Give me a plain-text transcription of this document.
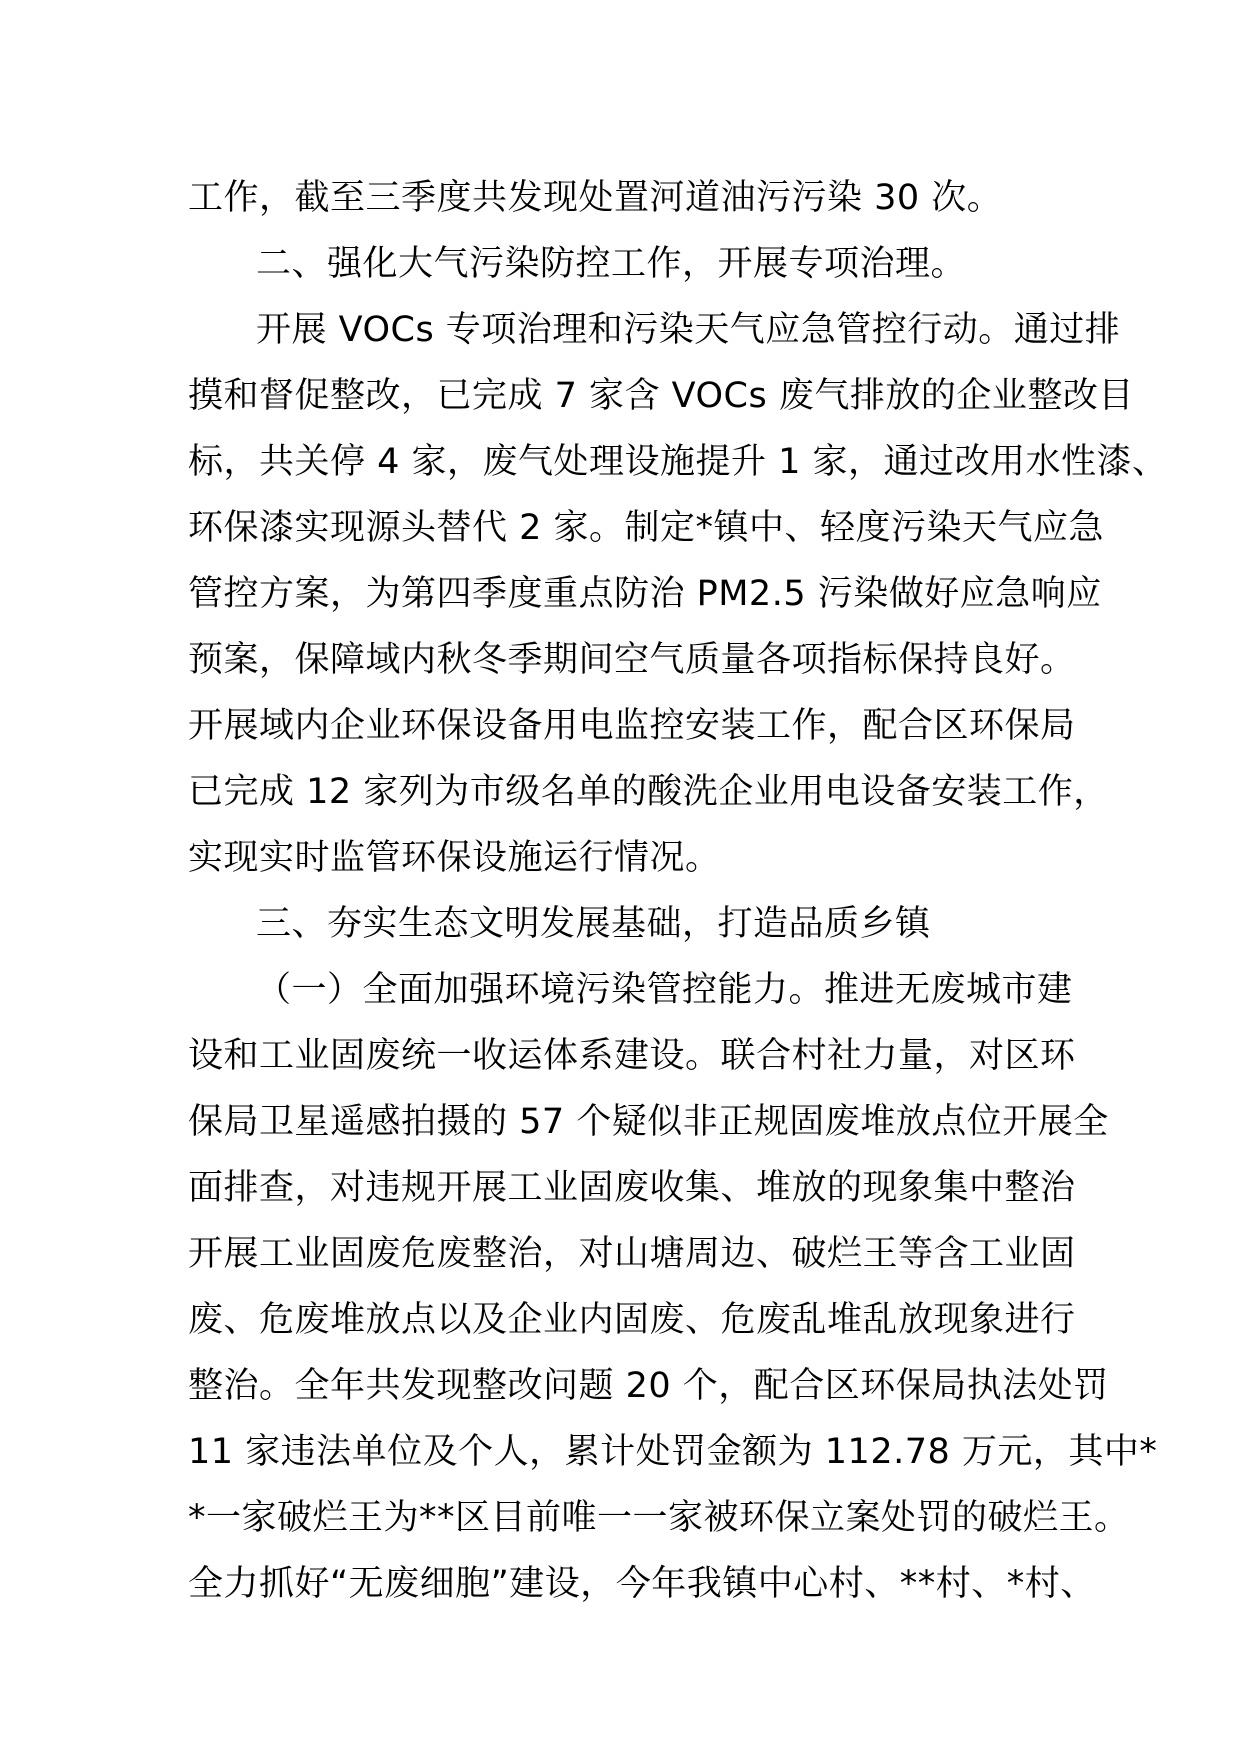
工作，截至三季度共发现处置河道油污污染 30 次。
二、强化大气污染防控工作，开展专项治理。
开展 VOCs 专项治理和污染天气应急管控行动。通过排
摸和督促整改，已完成 7 家含 VOCs 废气排放的企业整改目
标，共关停 4 家，废气处理设施提升 1 家，通过改用水性漆、
环保漆实现源头替代 2 家。制定*镇中、轻度污染天气应急
管控方案，为第四季度重点防治 PM2.5 污染做好应急响应
预案，保障域内秋冬季期间空气质量各项指标保持良好。
开展域内企业环保设备用电监控安装工作，配合区环保局
已完成 12 家列为市级名单的酸洗企业用电设备安装工作，
实现实时监管环保设施运行情况。
三、夯实生态文明发展基础，打造品质乡镇
（一）全面加强环境污染管控能力。推进无废城市建
设和工业固废统一收运体系建设。联合村社力量，对区环
保局卫星遥感拍摄的 57 个疑似非正规固废堆放点位开展全
面排查，对违规开展工业固废收集、堆放的现象集中整治
开展工业固废危废整治，对山塘周边、破烂王等含工业固
废、危废堆放点以及企业内固废、危废乱堆乱放现象进行
整治。全年共发现整改问题 20 个，配合区环保局执法处罚
11 家违法单位及个人，累计处罚金额为 112.78 万元，其中*
*一家破烂王为**区目前唯一一家被环保立案处罚的破烂王。
全力抓好“无废细胞”建设，今年我镇中心村、**村、*村、
